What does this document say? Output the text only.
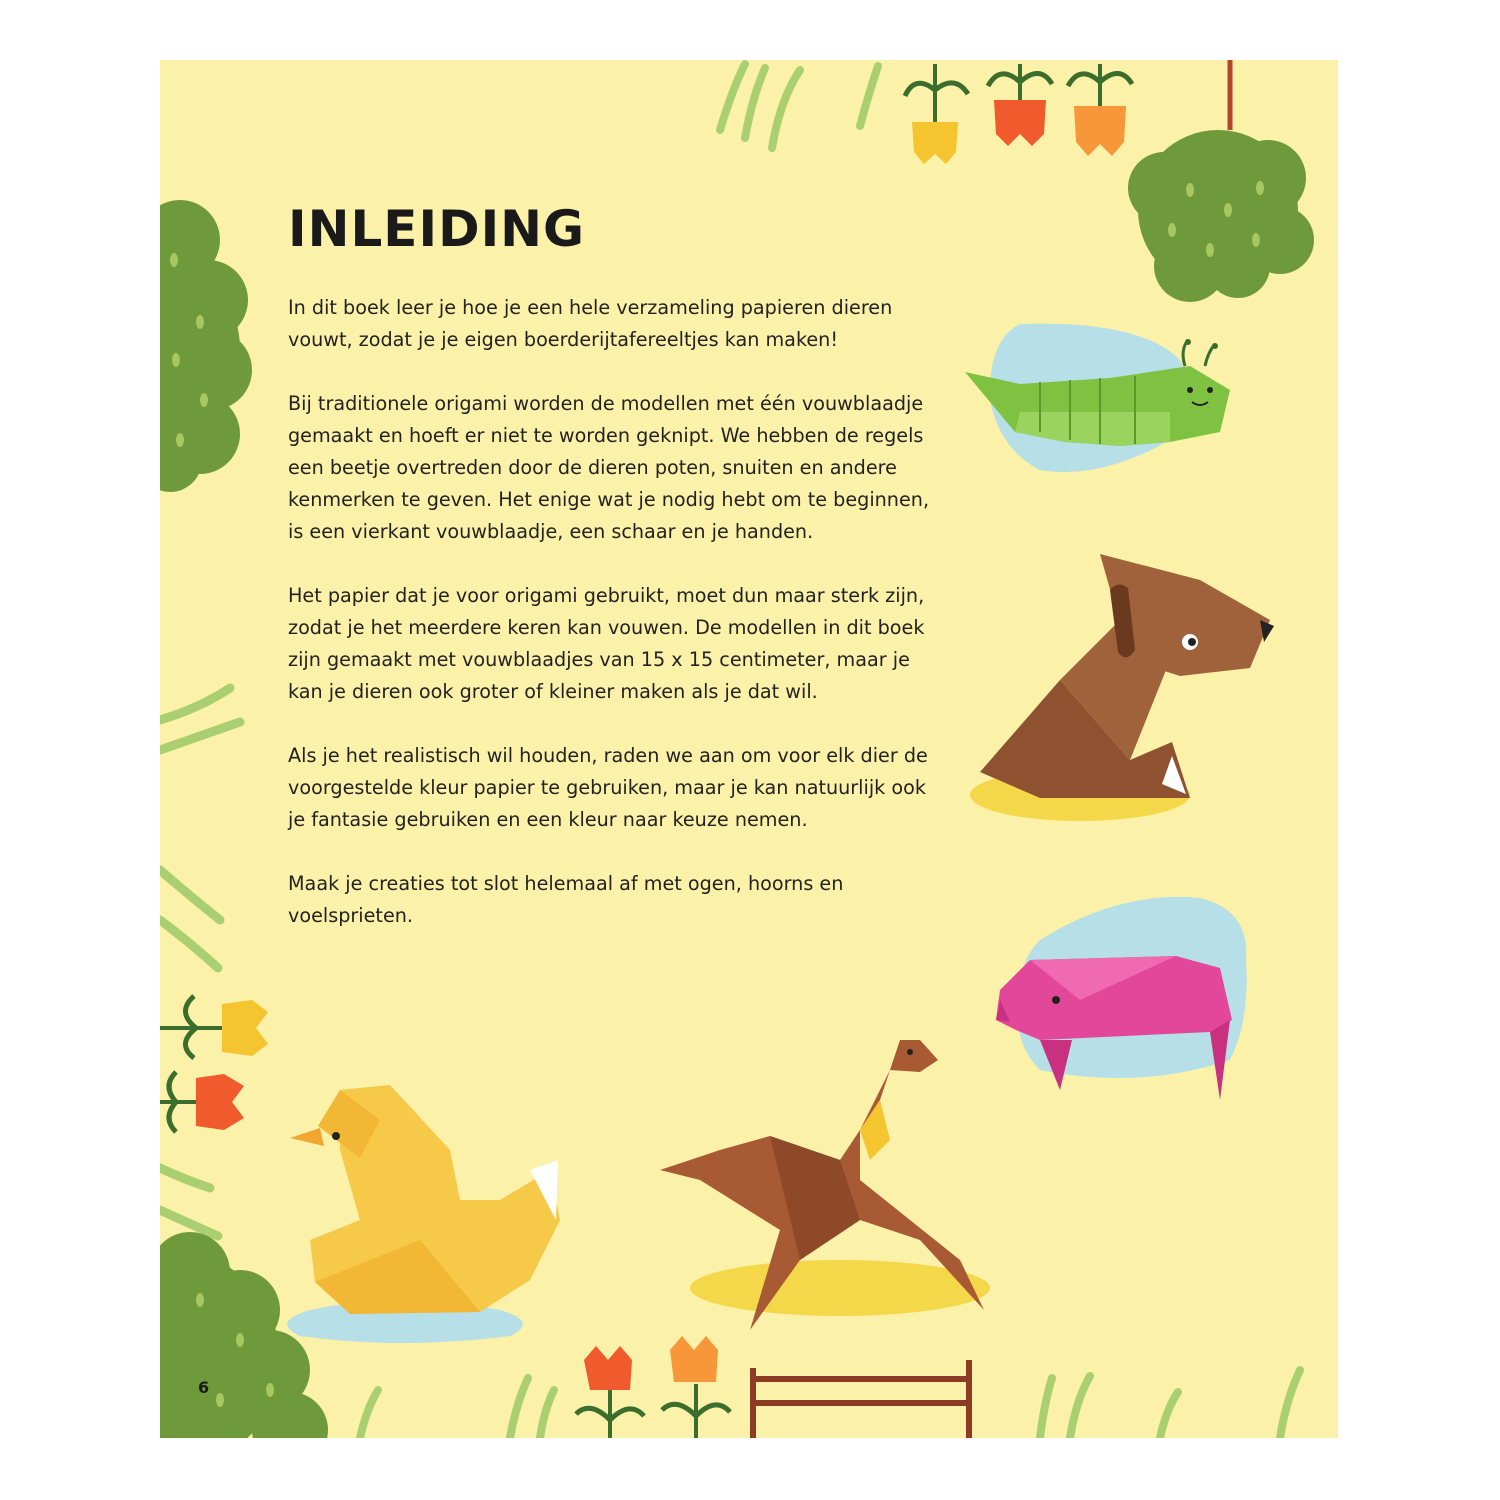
INLEIDING

In dit boek leer je hoe je een hele verzameling papieren dieren vouwt, zodat je je eigen boerderijtafereeltjes kan maken!

Bij traditionele origami worden de modellen met één vouwblaadje gemaakt en hoeft er niet te worden geknipt. We hebben de regels een beetje overtreden door de dieren poten, snuiten en andere kenmerken te geven. Het enige wat je nodig hebt om te beginnen, is een vierkant vouwblaadje, een schaar en je handen.

Het papier dat je voor origami gebruikt, moet dun maar sterk zijn, zodat je het meerdere keren kan vouwen. De modellen in dit boek zijn gemaakt met vouwblaadjes van 15 x 15 centimeter, maar je kan je dieren ook groter of kleiner maken als je dat wil.

Als je het realistisch wil houden, raden we aan om voor elk dier de voorgestelde kleur papier te gebruiken, maar je kan natuurlijk ook je fantasie gebruiken en een kleur naar keuze nemen.

Maak je creaties tot slot helemaal af met ogen, hoorns en voelsprieten.

6
